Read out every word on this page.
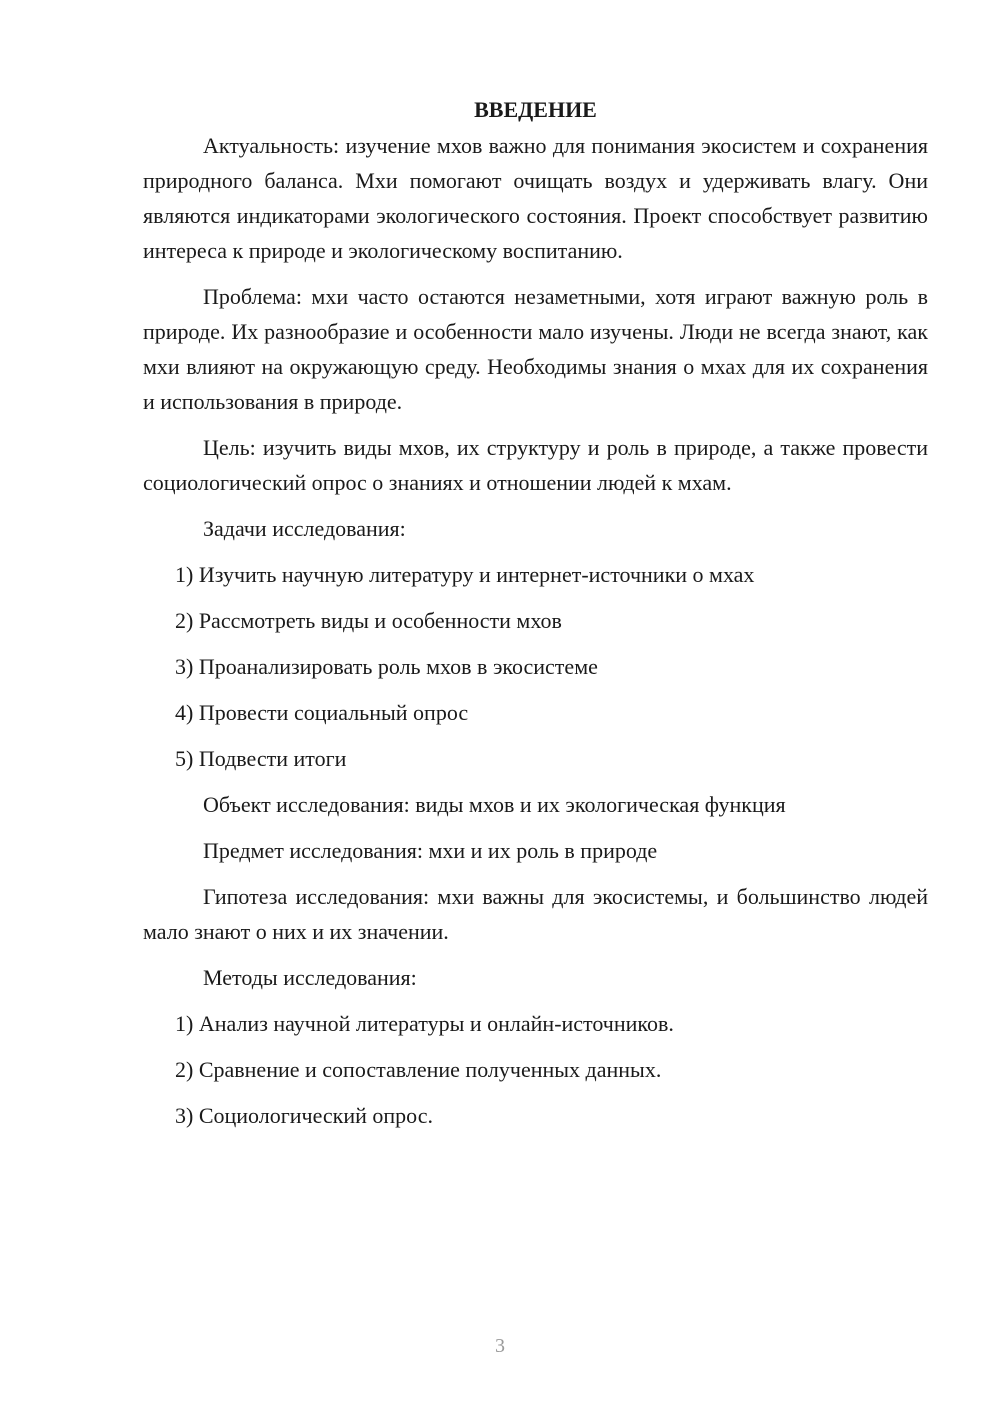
ВВЕДЕНИЕ

Актуальность: изучение мхов важно для понимания экосистем и сохранения природного баланса. Мхи помогают очищать воздух и удерживать влагу. Они являются индикаторами экологического состояния. Проект способствует развитию интереса к природе и экологическому воспитанию.

Проблема: мхи часто остаются незаметными, хотя играют важную роль в природе. Их разнообразие и особенности мало изучены. Люди не всегда знают, как мхи влияют на окружающую среду. Необходимы знания о мхах для их сохранения и использования в природе.

Цель: изучить виды мхов, их структуру и роль в природе, а также провести социологический опрос о знаниях и отношении людей к мхам.

Задачи исследования:
1) Изучить научную литературу и интернет-источники о мхах
2) Рассмотреть виды и особенности мхов
3) Проанализировать роль мхов в экосистеме
4) Провести социальный опрос
5) Подвести итоги
Объект исследования: виды мхов и их экологическая функция
Предмет исследования: мхи и их роль в природе

Гипотеза исследования: мхи важны для экосистемы, и большинство людей мало знают о них и их значении.

Методы исследования:
1) Анализ научной литературы и онлайн-источников.
2) Сравнение и сопоставление полученных данных.
3) Социологический опрос.
3
